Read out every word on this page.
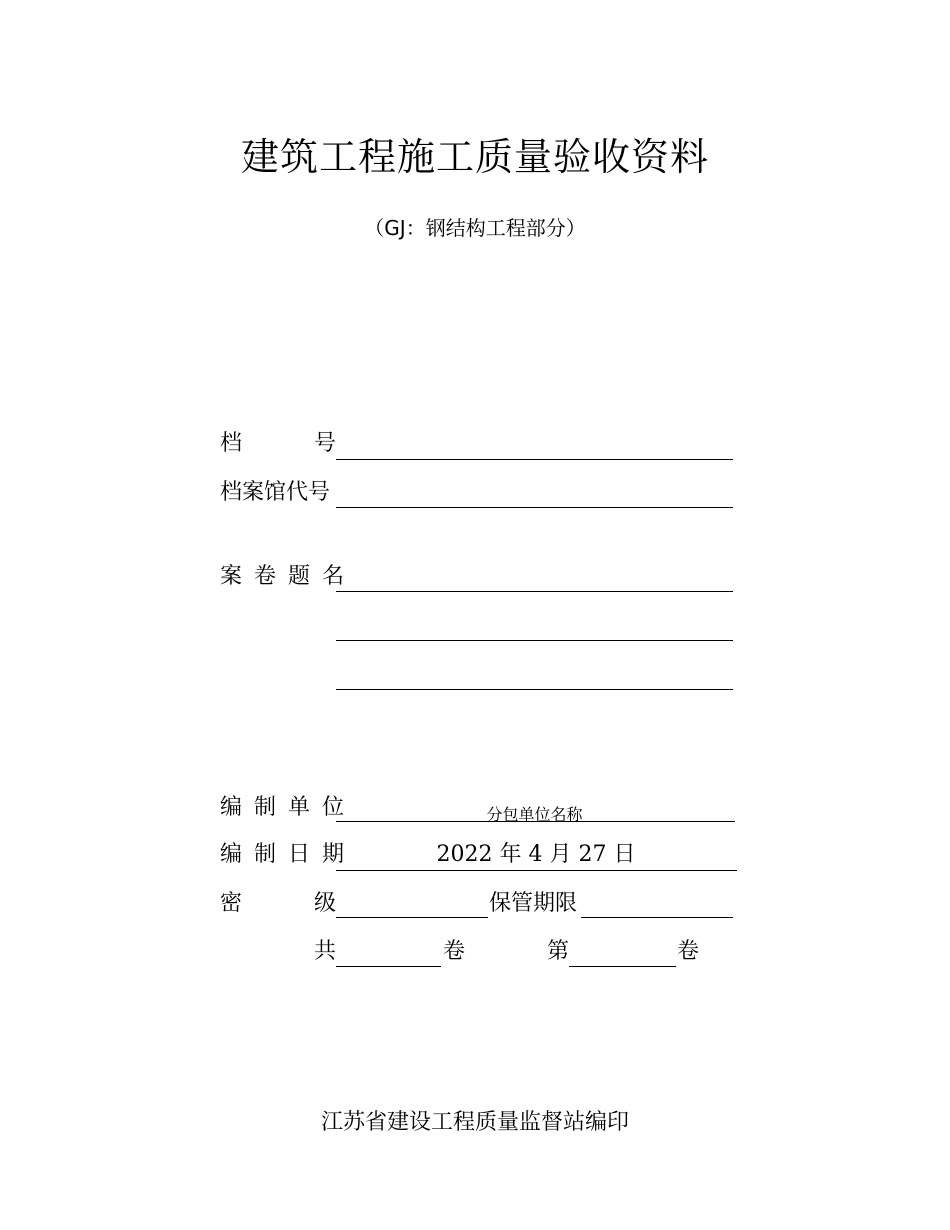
建筑工程施工质量验收资料
（GJ：钢结构工程部分）
档	号
档案馆代号
案卷题名
编制单位	分包单位名称
编制日期	2022 年 4 月 27 日
密	级	保管期限
共	卷	第	卷
江苏省建设工程质量监督站编印
